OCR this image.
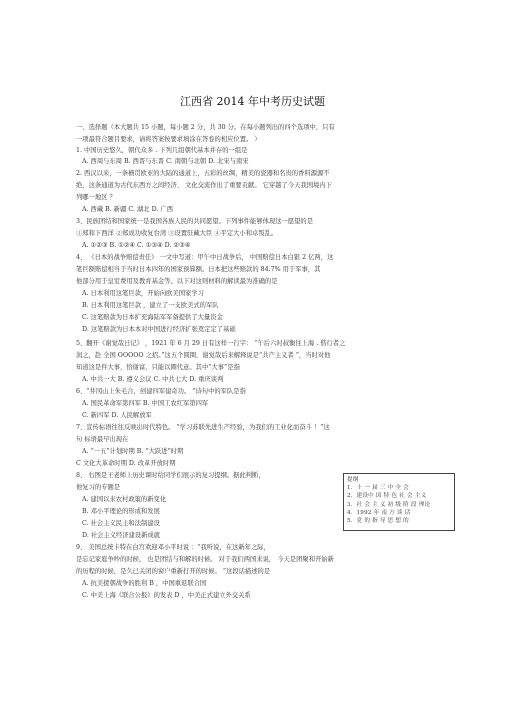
江西省 2014 年中考历史试题
一、选择题（本大题共 15 小题，每小题 2 分，共 30 分。在每小题列出的四个选项中，只有
一项最符合题目要求，请将答案按要求填涂在答卷的相应位置。 ）
1. 中国历史悠久，朝代众多 . 下列几组朝代基本并存的一组是
A. 西周与东周 B. 西晋与东晋 C. 南朝与北朝 D. 北宋与南宋
2. 西汉以来，一条横贯欧亚的大陆的通道上，五彩的丝绸，精美的瓷器和名贵的香料源源不
绝，这条通道为古代东西方之间经济、 文化交流作出了重要贡献。 它穿越了今天我国境内下
列哪一地区 ？
A. 西藏 B. 新疆 C. 湖北 D. 广西
3、民族团结和国家统一是我国各族人民的共同愿望。下列事件能够体现这一愿望的是
①郑和下西洋 ②郑成功收复台湾 ③设置驻藏大臣 ④平定大小和卓叛乱。
A. ①②③ B. ①②④ C. ①③④ D. ②③④
4、 《日本的战争赔偿责任》 一文中写道：甲午中日战争后， 中国赔偿日本白银 2 亿两，这
笔巨额赔偿相当于当时日本四年的国家预算额。日本把这些赔款的 84.7% 用于军事，其
他部分用于皇室费用及教育基金等。以下对这则材料的解读最为准确的是
A. 日本利用这笔巨款，开始向欧美国家学习
B. 日本利用这笔巨款 ，建立了一支欧美式的军队
C. 这笔赔款为日本扩充海陆军军备提供了大量资金
D. 这笔赔款为日本本对中国进行经济扩张奠定定了基础
5、翻开《谢觉哉日记》 ，1921 年 6 月 29 日有这样一行字： “午后六时叔衡往上海 . 偕行者之
润之，赴 全国 OOOOO 之招。”这五个圆圈，谢觉哉后来解释说是“共产主义者 ”，当时对他
知道这是件大事，恰谢富，只能以圈代意。其中“大事”是指
A. 中共一大 B. 遵义会议 C. 中共七大 D. 重庆谈判
6、“井冈山上朱毛合，创建四军建奇功。 ”诗句中的军队是指
A. 国民革命军第四军 B. 中国工农红军第四军
C. 新四军 D. 人民解放军
7、宣传标语往往反映出时代特色。 “学习苏联先进生产经验，为我们的工业化而奋斗 ！”这
句 标语最早出现在
A. “一五”计划时期 B. “大跃进”时期
C 文化大革命时期 D. 改革开放时期
8、 右图是王老师上历史课时给同学们展示的复习提纲。据此判断，
他复习的专题是
A. 建国以来农村政策的新变化
B. 邓小平理论的形成和发展
C. 社会主义民主和法制建设
D. 社会主义经济建设新成就
9、 美国总统卡特在白宫欢迎邓小平时说 ：“我听说，在这新年之际，
是忘记家庭争吵的时候， 也是团结与和解的时候。 对于我们两国来说， 今天是团聚和开始新
的历程的时候，是久已关闭的窗户重新打开的时候。 ”这段话描述的是
A. 抗美援朝战争的胜利 B ，中国重返联合国
C. 中美上海《联合公报》的发表 D ，中美正式建立外交关系
提纲
1．十 一 届 三 中 全 会
2．建设中 国 特 色 社 会 主义
3．社 会 主 义 初 级 阶 段 理论
4．1992 年 南 方 谈 话
5．党 的 指 导 思 想 的
